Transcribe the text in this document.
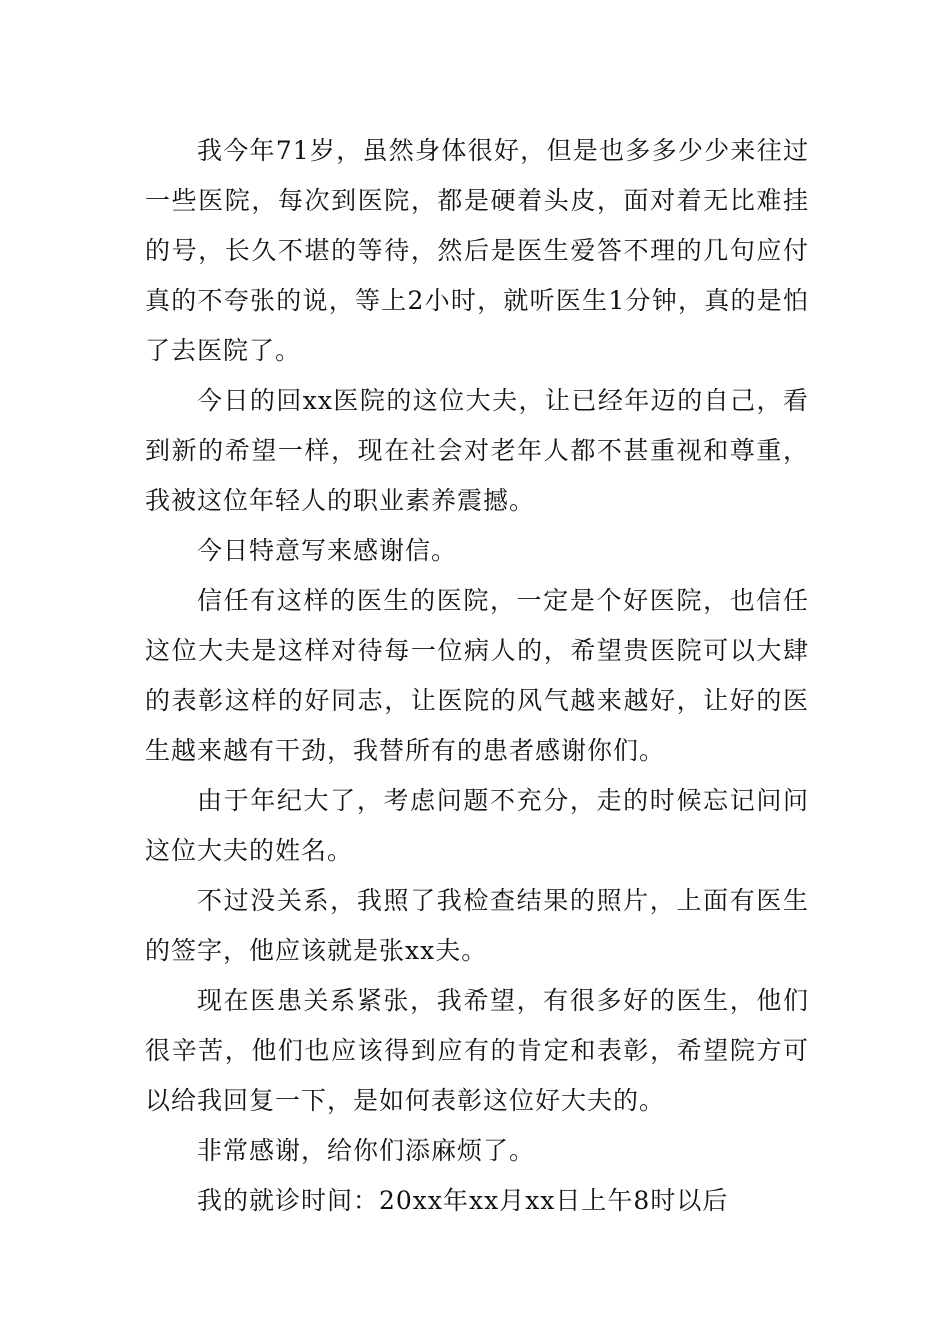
我今年71岁，虽然身体很好，但是也多多少少来往过一些医院，每次到医院，都是硬着头皮，面对着无比难挂的号，长久不堪的等待，然后是医生爱答不理的几句应付真的不夸张的说，等上2小时，就听医生1分钟，真的是怕了去医院了。

今日的回xx医院的这位大夫，让已经年迈的自己，看到新的希望一样，现在社会对老年人都不甚重视和尊重，我被这位年轻人的职业素养震撼。

今日特意写来感谢信。

信任有这样的医生的医院，一定是个好医院，也信任这位大夫是这样对待每一位病人的，希望贵医院可以大肆的表彰这样的好同志，让医院的风气越来越好，让好的医生越来越有干劲，我替所有的患者感谢你们。

由于年纪大了，考虑问题不充分，走的时候忘记问问这位大夫的姓名。

不过没关系，我照了我检查结果的照片，上面有医生的签字，他应该就是张xx夫。

现在医患关系紧张，我希望，有很多好的医生，他们很辛苦，他们也应该得到应有的肯定和表彰，希望院方可以给我回复一下，是如何表彰这位好大夫的。

非常感谢，给你们添麻烦了。

我的就诊时间：20xx年xx月xx日上午8时以后
